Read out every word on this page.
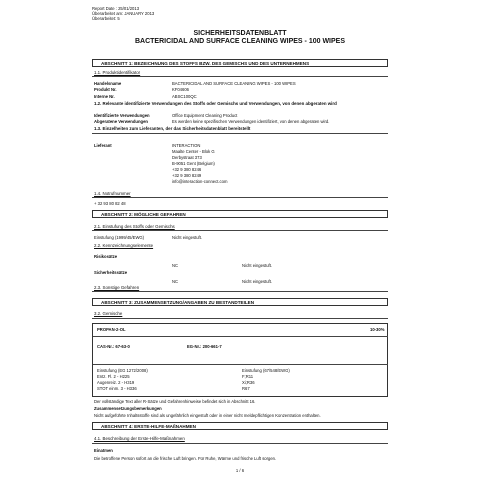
Report Date : 25/01/2013
Überarbeitet am: JANUARY 2013
Überarbeitet: 5
SICHERHEITSDATENBLATT
BACTERICIDAL AND SURFACE CLEANING WIPES - 100 WIPES
ABSCHNITT 1: BEZEICHNUNG DES STOFFS BZW. DES GEMISCHS UND DES UNTERNEHMENS
1.1. Produktidentifikator
Handelsname	BACTERICIDAL AND SURFACE CLEANING WIPES - 100 WIPES
Produkt Nr.	KF04606
Interne Nr.	ABSC100QC
1.2. Relevante identifizierte Verwendungen des Stoffs oder Gemischs und Verwendungen, von denen abgeraten wird
Identifizierte Verwendungen	Office Equipment Cleaning Product
Abgeratene Verwendungen	Es werden keine spezifischen Verwendungen identifiziert, von denen abgeraten wird.
1.3. Einzelheiten zum Lieferanten, der das Sicherheitsdatenblatt bereitstellt
Lieferant	INTERACTION
Maalte Center - Blok G
Derbystraat 373
B-9051 Gent (Belgium)
+32 9 380 8246
+32 9 380 8249
info@interaction-connect.com
1.4. Notrufnummer
+ 32 93 80 82 48
ABSCHNITT 2: MÖGLICHE GEFAHREN
2.1. Einstufung des Stoffs oder Gemischs
Einstufung (1999/45/EWG)	Nicht eingestuft.
2.2. Kennzeichnungselemente
Risikosätze
NC	Nicht eingestuft.
Sicherheitssätze
NC	Nicht eingestuft.
2.3. Sonstige Gefahren
ABSCHNITT 3: ZUSAMMENSETZUNG/ANGABEN ZU BESTANDTEILEN
3.2. Gemische
PROPAN-2-OL	10-30%
CAS-Nr.: 67-63-0	EG-Nr.: 200-661-7
Einstufung (EG 1272/2008)
Entz. Fl. 2 - H225
Augenreiz. 2 - H319
STOT einm. 3 - H336
Einstufung (67/548/EWG)
F;R11
Xi;R36
R67
Der vollständige Text aller R-Sätze und Gefahrenhinweise befindet sich in Abschnitt 16.
Zusammensetzungsbemerkungen
Nicht aufgeführte Inhaltsstoffe sind als ungefährlich eingestuft oder in einer nicht meldepflichtigen Konzentration enthalten.
ABSCHNITT 4: ERSTE-HILFE-MAßNAHMEN
4.1. Beschreibung der Erste-Hilfe-Maßnahmen
Einatmen
Die betroffene Person sofort an die frische Luft bringen. Für Ruhe, Wärme und frische Luft sorgen.
1 / 6
